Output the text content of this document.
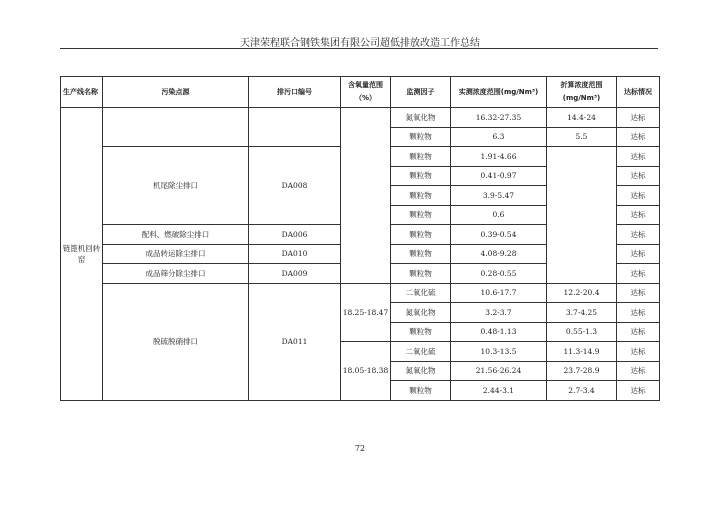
天津荣程联合钢铁集团有限公司超低排放改造工作总结
生产线名称	污染点源	排污口编号	含氧量范围（%）	监测因子	实测浓度范围(mg/Nm³)	折算浓度范围(mg/Nm³)	达标情况
链篦机回转窑				氮氧化物	16.32-27.35	14.4-24	达标
				颗粒物	6.3	5.5	达标
	机尾除尘排口	DA008		颗粒物	1.91-4.66		达标
				颗粒物	0.41-0.97		达标
				颗粒物	3.9-5.47		达标
				颗粒物	0.6		达标
	配料、燃破除尘排口	DA006		颗粒物	0.39-0.54		达标
	成品转运除尘排口	DA010		颗粒物	4.08-9.28		达标
	成品筛分除尘排口	DA009		颗粒物	0.28-0.55		达标
	脱硫脱硝排口	DA011	18.25-18.47	二氧化硫	10.6-17.7	12.2-20.4	达标
				氮氧化物	3.2-3.7	3.7-4.25	达标
				颗粒物	0.48-1.13	0.55-1.3	达标
			18.05-18.38	二氧化硫	10.3-13.5	11.3-14.9	达标
				氮氧化物	21.56-26.24	23.7-28.9	达标
				颗粒物	2.44-3.1	2.7-3.4	达标
72
